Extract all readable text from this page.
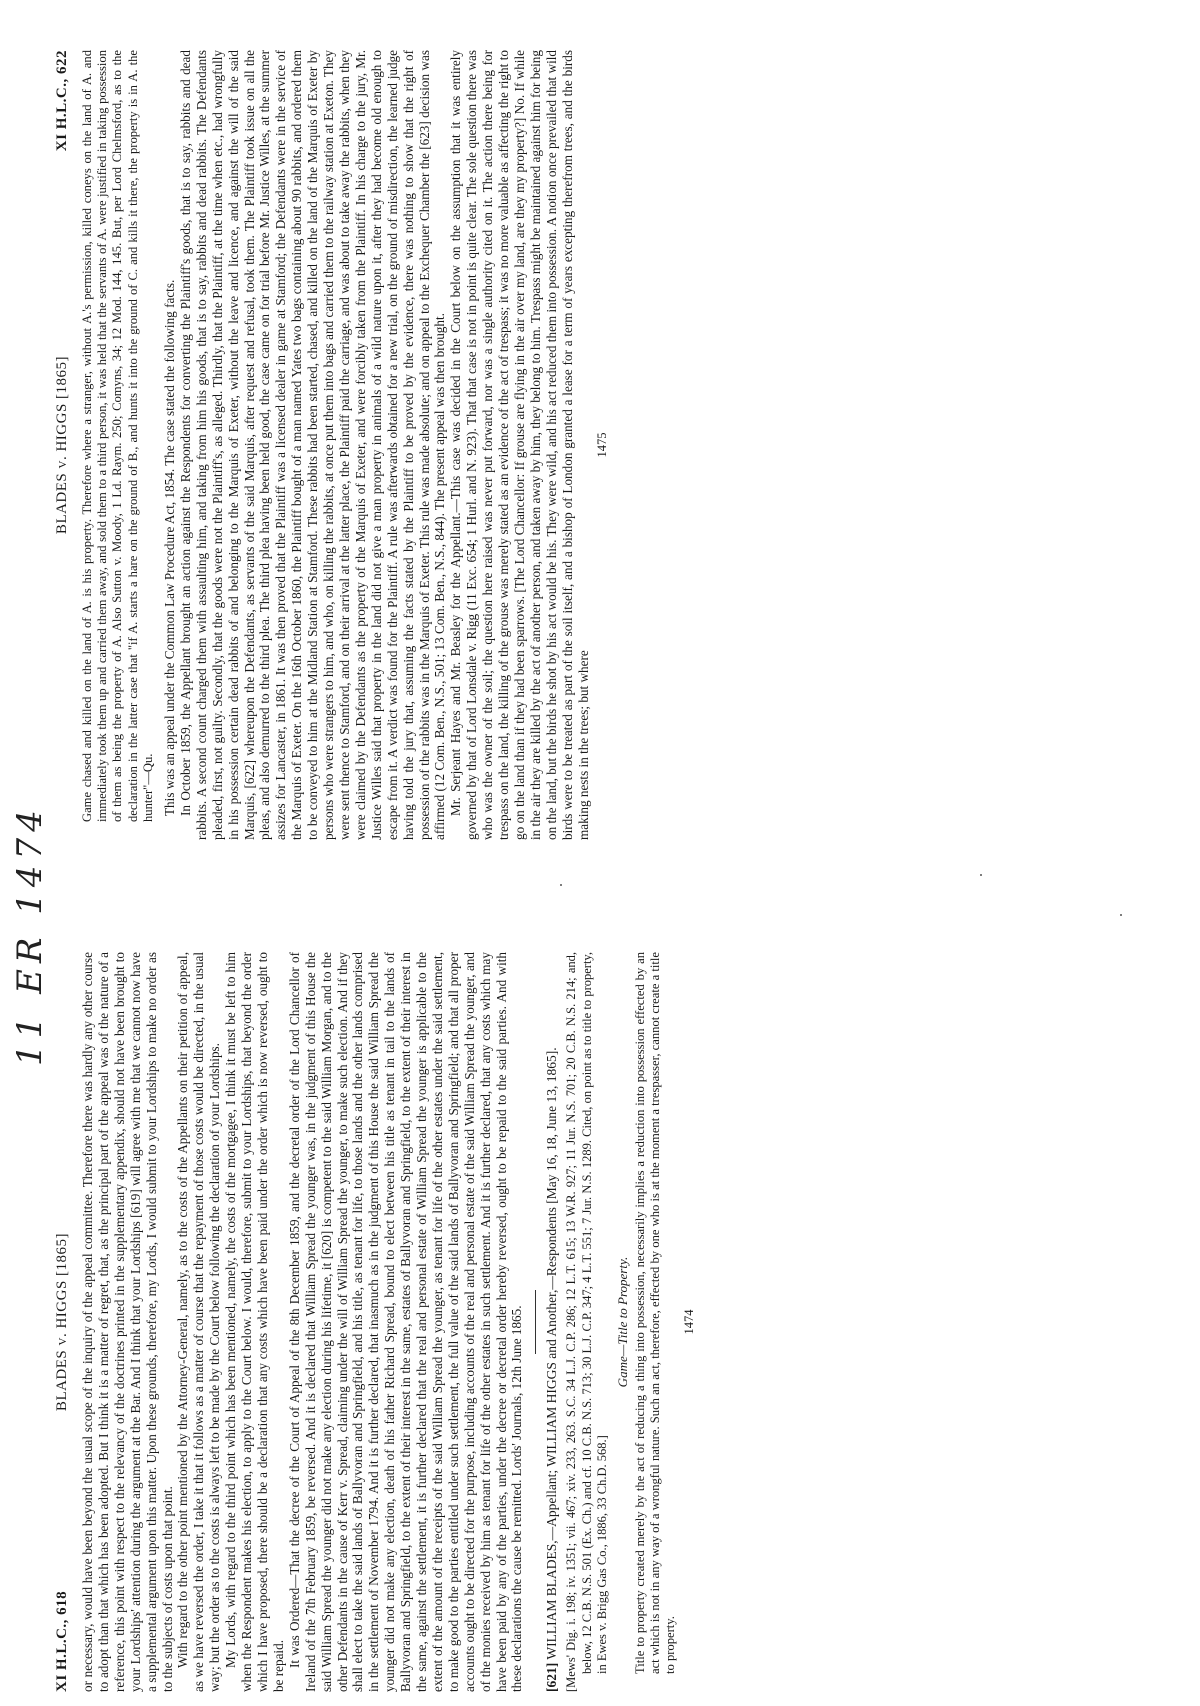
11 ER 1474
XI H.L.C., 618
BLADES v. HIGGS [1865] or necessary, would have been beyond the usual scope of the inquiry of the appeal committee. Therefore there was hardly any other course to adopt than that which has been adopted. But I think it is a matter of regret, that, as the principal part of the appeal was of the nature of a reference, this point with respect to the relevancy of the doctrines printed in the supplementary appendix, should not have been brought to your Lordships' attention during the argument at the Bar. And I think that your Lordships [619] will agree with me that we cannot now have a supplemental argument upon this matter. Upon these grounds, therefore, my Lords, I would submit to your Lordships to make no order as to the subjects of costs upon that point. With regard to the other point mentioned by the Attorney-General, namely, as to the costs of the Appellants on their petition of appeal, as we have reversed the order, I take it that it follows as a matter of course that the repayment of those costs would be directed, in the usual way; but the order as to the costs is always left to be made by the Court below following the declaration of your Lordships. My Lords, with regard to the third point which has been mentioned, namely, the costs of the mortgagee, I think it must be left to him when the Respondent makes his election, to apply to the Court below. I would, therefore, submit to your Lordships, that beyond the order which I have proposed, there should be a declaration that any costs which have been paid under the order which is now reversed, ought to be repaid. It was Ordered—That the decree of the Court of Appeal of the 8th December 1859, and the decretal order of the Lord Chancellor of Ireland of the 7th February 1859, be reversed. And it is declared that William Spread the younger was, in the judgment of this House the said William Spread the younger did not make any election during his lifetime, it [620] is competent to the said William Morgan, and to the other Defendants in the cause of Kerr v. Spread, claiming under the will of William Spread the younger, to make such election. And if they shall elect to take the said lands of Ballyvoran and Springfield, and his title, as tenant for life, to those lands and the other lands comprised in the settlement of November 1794. And it is further declared, that inasmuch as in the judgment of this House the said William Spread the younger did not make any election, death of his father Richard Spread, bound to elect between his title as tenant in tail to the lands of Ballyvoran and Springfield, to the extent of their interest in the same, estates of Ballyvoran and Springfield, to the extent of their interest in the same, against the settlement, it is further declared that the real and personal estate of William Spread the younger is applicable to the extent of the amount of the receipts of the said William Spread the younger, as tenant for life of the other estates under the said settlement, to make good to the parties entitled under such settlement, the full value of the said lands of Ballyvoran and Springfield; and that all proper accounts ought to be directed for the purpose, including accounts of the real and personal estate of the said William Spread the younger, and of the monies received by him as tenant for life of the other estates in such settlement. And it is further declared, that any costs which may have been paid by any of the parties, under the decree or decretal order hereby reversed, ought to be repaid to the said parties. And with these declarations the cause be remitted. Lords' Journals, 12th June 1865. [621] WILLIAM BLADES,—Appellant; WILLIAM HIGGS and Another,—Respondents [May 16, 18, June 13, 1865]. [Mews' Dig. i. 198; iv. 1351; vii. 467; xiv. 233, 263. S.C. 34 L.J. C.P. 286; 12 L.T. 615; 13 W.R. 927; 11 Jur. N.S. 701; 20 C.B. N.S. 214; and, below, 12 C.B. N.S. 501 (Ex. Ch.) and cf. 10 C.B. N.S. 713; 30 L.J. C.P. 347; 4 L.T. 551; 7 Jur. N.S. 1289. Cited, on point as to title to property, in Ewes v. Brigg Gas Co., 1886, 33 Ch.D. 568.]
Game—Title to Property. Title to property created merely by the act of reducing a thing into possession, necessarily implies a reduction into possession effected by an act which is not in any way of a wrongful nature. Such an act, therefore, effected by one who is at the moment a trespasser, cannot create a title to property.

1474
BLADES v. HIGGS [1865]
XI H.L.C., 622 Game chased and killed on the land of A. is his property. Therefore where a stranger, without A.'s permission, killed coneys on the land of A. and immediately took them up and carried them away, and sold them to a third person, it was held that the servants of A. were justified in taking possession of them as being the property of A. Also Sutton v. Moody, 1 Ld. Raym. 250; Comyns, 34; 12 Mod. 144, 145. But, per Lord Chelmsford, as to the declaration in the latter case that "if A. starts a hare on the ground of B., and hunts it into the ground of C. and kills it there, the property is in A. the hunter"—Qu. This was an appeal under the Common Law Procedure Act, 1854. The case stated the following facts. In October 1859, the Appellant brought an action against the Respondents for converting the Plaintiff's goods, that is to say, rabbits and dead rabbits. A second count charged them with assaulting him, and taking from him his goods, that is to say, rabbits and dead rabbits. The Defendants pleaded, first, not guilty. Secondly, that the goods were not the Plaintiff's, as alleged. Thirdly, that the Plaintiff, at the time when etc., had wrongfully in his possession certain dead rabbits of and belonging to the Marquis of Exeter, without the leave and licence, and against the will of the said Marquis, [622] whereupon the Defendants, as servants of the said Marquis, after request and refusal, took them. The Plaintiff took issue on all the pleas, and also demurred to the third plea. The third plea having been held good, the case came on for trial before Mr. Justice Willes, at the summer assizes for Lancaster, in 1861. It was then proved that the Plaintiff was a licensed dealer in game at Stamford; the Defendants were in the service of the Marquis of Exeter. On the 16th October 1860, the Plaintiff bought of a man named Yates two bags containing about 90 rabbits, and ordered them to be conveyed to him at the Midland Station at Stamford. These rabbits had been started, chased, and killed on the land of the Marquis of Exeter by persons who were strangers to him, and who, on killing the rabbits, at once put them into bags and carried them to the railway station at Exeton. They were sent thence to Stamford, and on their arrival at the latter place, the Plaintiff paid the carriage, and was about to take away the rabbits, when they were claimed by the Defendants as the property of the Marquis of Exeter, and were forcibly taken from the Plaintiff. In his charge to the jury, Mr. Justice Willes said that property in the land did not give a man property in animals of a wild nature upon it, after they had become old enough to escape from it. A verdict was found for the Plaintiff. A rule was afterwards obtained for a new trial, on the ground of misdirection, the learned judge having told the jury that, assuming the facts stated by the Plaintiff to be proved by the evidence, there was nothing to show that the right of possession of the rabbits was in the Marquis of Exeter. This rule was made absolute; and on appeal to the Exchequer Chamber the [623] decision was affirmed (12 Com. Ben., N.S., 501; 13 Com. Ben., N.S., 844). The present appeal was then brought. Mr. Serjeant Hayes and Mr. Beasley for the Appellant.—This case was decided in the Court below on the assumption that it was entirely governed by that of Lord Lonsdale v. Rigg (11 Exc. 654; 1 Hurl. and N. 923). That that case is not in point is quite clear. The sole question there was who was the owner of the soil; the question here raised was never put forward, nor was a single authority cited on it. The action there being for trespass on the land, the killing of the grouse was merely stated as an evidence of the act of trespass; it was no more valuable as affecting the right to go on the land than if they had been sparrows. [The Lord Chancellor: If grouse are flying in the air over my land, are they my property?] No. If while in the air they are killed by the act of another person, and taken away by him, they belong to him. Trespass might be maintained against him for being on the land, but the birds he shot by his act would be his. They were wild, and his act reduced them into possession. A notion once prevailed that wild birds were to be treated as part of the soil itself, and a bishop of London granted a lease for a term of years excepting therefrom trees, and the birds making nests in the trees; but where

1475
